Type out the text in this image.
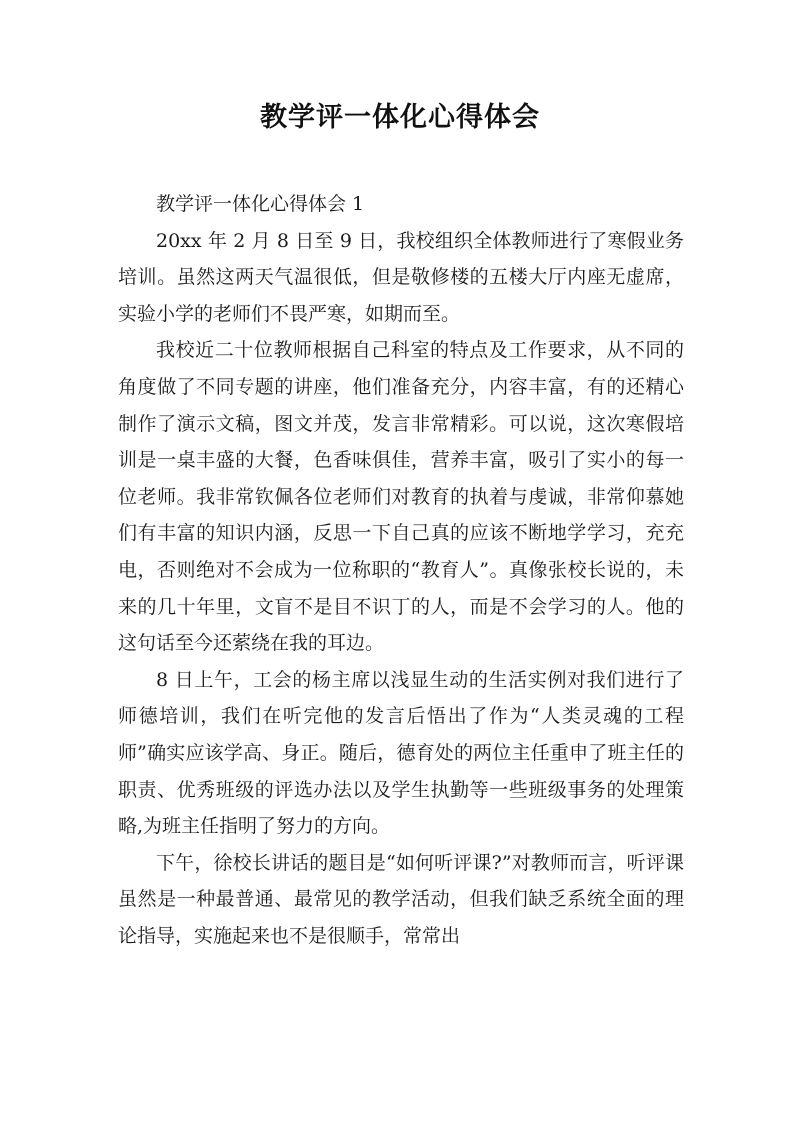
教学评一体化心得体会

教学评一体化心得体会 1

20xx 年 2 月 8 日至 9 日，我校组织全体教师进行了寒假业务培训。虽然这两天气温很低，但是敬修楼的五楼大厅内座无虚席，实验小学的老师们不畏严寒，如期而至。

我校近二十位教师根据自己科室的特点及工作要求，从不同的角度做了不同专题的讲座，他们准备充分，内容丰富，有的还精心制作了演示文稿，图文并茂，发言非常精彩。可以说，这次寒假培训是一桌丰盛的大餐，色香味俱佳，营养丰富，吸引了实小的每一位老师。我非常钦佩各位老师们对教育的执着与虔诚，非常仰慕她们有丰富的知识内涵，反思一下自己真的应该不断地学学习，充充电，否则绝对不会成为一位称职的“教育人”。真像张校长说的，未来的几十年里，文盲不是目不识丁的人，而是不会学习的人。他的这句话至今还萦绕在我的耳边。

8 日上午，工会的杨主席以浅显生动的生活实例对我们进行了师德培训，我们在听完他的发言后悟出了作为“人类灵魂的工程师”确实应该学高、身正。随后，德育处的两位主任重申了班主任的职责、优秀班级的评选办法以及学生执勤等一些班级事务的处理策略,为班主任指明了努力的方向。

下午，徐校长讲话的题目是“如何听评课?”对教师而言，听评课虽然是一种最普通、最常见的教学活动，但我们缺乏系统全面的理论指导，实施起来也不是很顺手，常常出
